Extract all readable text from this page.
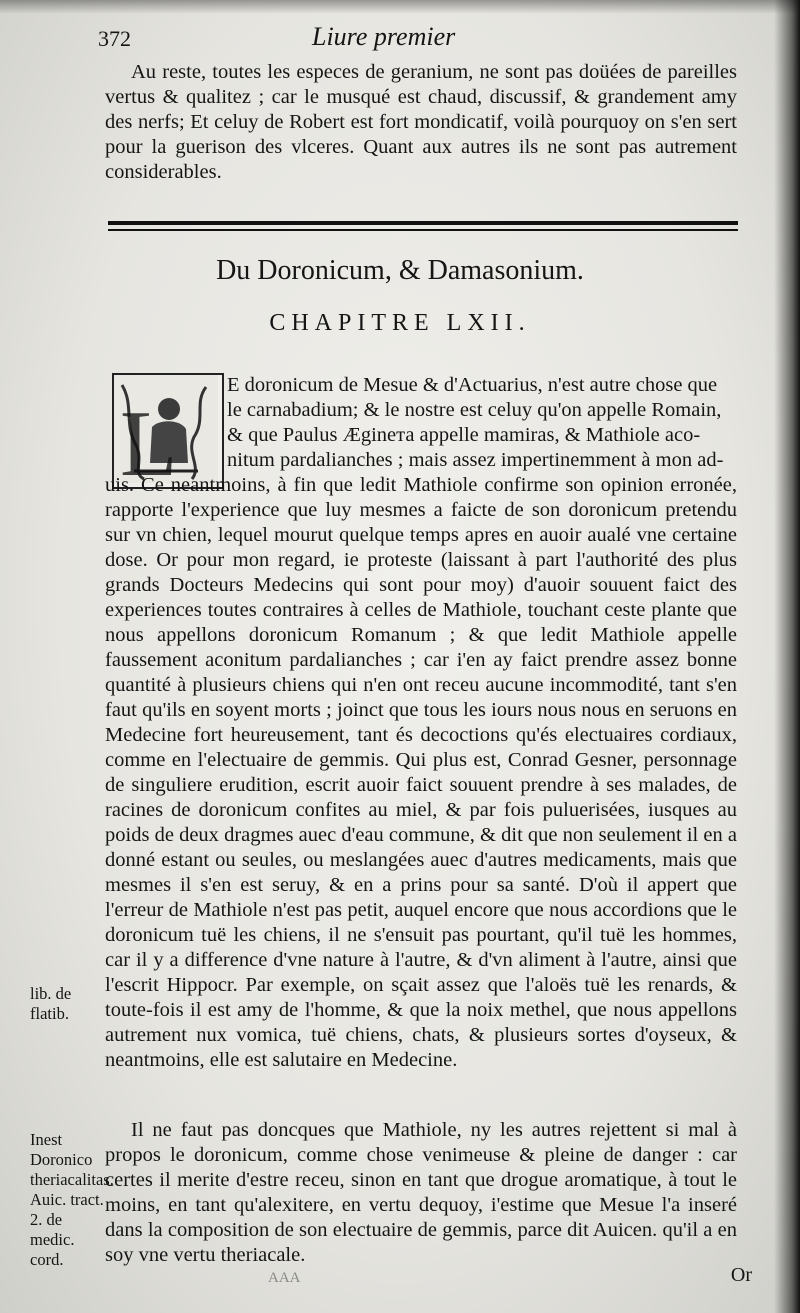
372	Liure premier
Au reste, toutes les especes de geranium, ne sont pas doüées de pareilles vertus & qualitez ; car le musqué est chaud, discussif, & grandement amy des nerfs; Et celuy de Robert est fort mondicatif, voilà pourquoy on s'en sert pour la guerison des vlceres. Quant aux autres ils ne sont pas autrement considerables.
Du Doronicum, & Damasonium.
CHAPITRE LXII.
L
E doronicum de Mesue & d'Actuarius, n'est autre chose que
le carnabadium; & le nostre est celuy qu'on appelle Romain,
& que Paulus Æginета appelle mamiras, & Mathiole aco-
nitum pardalianches ; mais assez impertinemment à mon ad-
uis. Ce neantmoins, à fin que ledit Mathiole confirme son opinion erronée, rapporte l'experience que luy mesmes a faicte de son doronicum pretendu sur vn chien, lequel mourut quelque temps apres en auoir aualé vne certaine dose. Or pour mon regard, ie proteste (laissant à part l'authorité des plus grands Docteurs Medecins qui sont pour moy) d'auoir souuent faict des experiences toutes contraires à celles de Mathiole, touchant ceste plante que nous appellons doronicum Romanum ; & que ledit Mathiole appelle faussement aconitum pardalianches ; car i'en ay faict prendre assez bonne quantité à plusieurs chiens qui n'en ont receu aucune incommodité, tant s'en faut qu'ils en soyent morts ; joinct que tous les iours nous nous en seruons en Medecine fort heureusement, tant és decoctions qu'és electuaires cordiaux, comme en l'electuaire de gemmis. Qui plus est, Conrad Gesner, personnage de singuliere erudition, escrit auoir faict souuent prendre à ses malades, de racines de doronicum confites au miel, & par fois puluerisées, iusques au poids de deux dragmes auec d'eau commune, & dit que non seulement il en a donné estant ou seules, ou meslangées auec d'autres medicaments, mais que mesmes il s'en est seruy, & en a prins pour sa santé. D'où il appert que l'erreur de Mathiole n'est pas petit, auquel encore que nous accordions que le doronicum tuë les chiens, il ne s'ensuit pas pourtant, qu'il tuë les hommes, car il y a difference d'vne nature à l'autre, & d'vn aliment à l'autre, ainsi que l'escrit Hippocr. Par exemple, on sçait assez que l'aloës tuë les renards, & toute-fois il est amy de l'homme, & que la noix methel, que nous appellons autrement nux vomica, tuë chiens, chats, & plusieurs sortes d'oyseux, & neantmoins, elle est salutaire en Medecine.
Il ne faut pas doncques que Mathiole, ny les autres rejettent si mal à propos le doronicum, comme chose venimeuse & pleine de danger : car certes il merite d'estre receu, sinon en tant que drogue aromatique, à tout le moins, en tant qu'alexitere, en vertu dequoy, i'estime que Mesue l'a inseré dans la composition de son electuaire de gemmis, parce dit Auicen. qu'il a en soy vne vertu theriacale.
lib. de flatib.
Inest Doronico theriacalitas. Auic. tract. 2. de medic. cord.
AAA	Or
